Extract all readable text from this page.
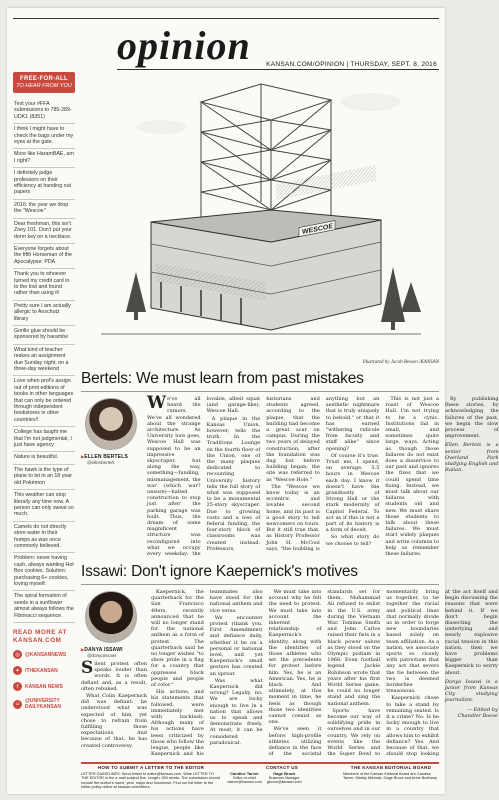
opinion KANSAN.COM/OPINION | THURSDAY, SEPT. 8, 2016
FREE-FOR-ALL
TO HEAR FROM YOU
Text your #FFA submissions to 785-289-UDK1 (8351)
I think I might have to check the bags under my eyes at the gate.
More like HaramBAE, am I right?
I definitely judge professors on their efficiency at handing out papers
2016: the year we drop the "Wescoe"
Dear freshman, this isn't Zoey 101. Don't put your dorm key on a necklace.
Everyone forgets about the fifth Horseman of the Apocalypse: PDA.
Thank you to whoever turned my credit card in to the lost and found rather than using it!
Pretty sure I am actually allergic to Anschutz library
Gorillo glue should be sponsored by harambe
What kind of teacher makes an assignment due Sunday night, on a three-day weekend
Love when prof's assign out of print editions of books in other languages that can only be ordered through independent bookstores in other countries!!
College has taught me that I'm not judgmental, I just have agency
Nature is beautiful.
The hawk is the type of plane to let in an 18 year old Pokémon
This weather can stop literally any time now. A person can only sweat so much.
Camels do not directly store water in their humps as was once commonly believed.
Problem: never having cash, always wanting Hot Box cookies. Solution: purchasing 6+ cookies, loving myself.
The spiral formation of seeds in a sunflower almost always follows the Fibonacci sequence.
READ MORE AT KANSAN.COM
◎	@KANSANNEWS
✦	/THEKANSAN
f	KANSAN NEWS
☺ @UNIVERSITY DAILYKANSAN
WESCOE
Illustrated by Jacob Bessen /KANSAN
Bertels: We must learn from past mistakes
▶ ELLEN BERTELS
@ellenbertels

We've all heard the rumors. We've all wondered about the strange architecture. As University lore goes, Wescoe Hall was supposed to be an impressive skyscraper, but along the way, something—funding, mismanagement, the war (which war? unsure)—halted construction to stop just after the parking garage was built. Thus, the dream of some magnificent structure was reconfigured into what we occupy every weekday: the lovable, albeit squat (and garage-like), Wescoe Hall.

A plaque in the Kansas Union, however, tells the truth. In the Traditions Lounge on the fourth floor of the Union, one of the many plaques dedicated to recounting University history tells the full story of what was supposed to be a monumental 25-story skyscraper. Due to growing costs and a loss of federal funding, the four-story block of classrooms was created instead. Professors, historians and students agreed, according to the plaque, that the building had become a great scar on campus. During the two years of delayed construction, after the foundation was dug but before building began, the site was referred to as "Wescoe Hole."

The "Wescoe we know today is an eccentric and lovable second home, and its past is a good story to tell newcomers on tours. But it still true that, as History Professor John H. McCool says, "the building is anything but an aesthetic nightmare that is truly uniquely to behold," or that it has earned "withering ridicule from faculty and staff alike" since opening?

Of course it's true. Trust me, I spend, on average, 3.5 hours in Wescoe each day. I know it doesn't have the grandiosity of Strong Hall or the stark modernity of Capitol Federal. To act as if this is not a part of its history is a form of deceit.

So what story do we choose to tell?

This is not just a roast of Wescoe Hall. I'm not trying to be a cynic. Institutions fail in small, and sometimes quite large, ways. Acting as though those failures do not exist does a disservice to our past and ignores the fixes that we could spend time fixing. Instead, we must talk about our failures with students old and new. We must share those students to talk about these failures. We must start widely plaques and write columns to help us remember these failures.

By publishing these stories, by acknowledging the failures of the past, we begin the slow process of improvement.

Ellen Bertels is a senior from Overland Park studying English and Italian.

Issawi: Don't ignore Kaepernick's motives
▶ DANYA ISSAWI
@danyaissawi

Silent protest often speaks louder than words. It is often defiant and, as a result, often rebuked.

What Colin Kaepernick did was defiant: he understood what was expected of him, yet chose to refrain from fulfilling those expectations. And because of that, he has created controversy.

Kaepernick, the quarterback for the San Francisco 49ers, recently announced that he will no longer stand for the national anthem as a form of protest. The quarterback said he no longer wishes "to show pride in a flag for a country that oppresses black people and people of color."

His actions, and his statements that followed, were immediately met with backlash. Although many of his actions have been criticized by those who follow the league, people like Kaepernick and his teammates also have stood for the national anthem and vice versa.

We encounter protest (thank you, First Amendment) and defiance daily, whether it be on a personal or national level, and yet Kaepernick's small gesture has created an uproar.

Was what Kaepernick did wrong? Legally, no. We are lucky enough to live in a nation that allows us to speak and demonstrate freely. At most, it can be considered paradoxical.

We must take into account why he felt the need to protest. We must take into account the inherent relationship of Kaepernick's identity, along with the identities of those athletes who set the precedents for protest before him. Yes, he is an American. Yes, he is black. And ultimately, at this moment in time, he feels as though those two identities cannot coexist as one.

We've seen it before: high-profile athletes utilizing defiance in the face of the societal standards set for them. Muhammad Ali refused to enlist in the U.S. army during the Vietnam War. Tommie Smith and John Carlos raised their fists in a black power salute as they stood on the Olympic podium in 1968. Even football legend Jackie Robinson wrote that years after his first World Series game, he could no longer stand and sing the national anthem.

Sports have become our way of solidifying pride in ourselves and in our country. We rely on events like the World Series and the Super Bowl to momentarily bring us together, to tie together the racial and political lines that normally divide us in order to forge new boundaries based solely on team affiliation. As a nation, we associate sports so closely with patriotism that any act that severs the tie between the two is deemed borderline treasonous.

Kaepernick chose to take a stand by remaining seated. Is it a crime? No. Is he lucky enough to live in a country that allows him to exhibit defiance? Yes. And because of that, we should stop looking at the act itself and begin discussing the reasons that were behind it. If we don't begin dissecting the underlying and nearly explosive racial tension in this nation, then we have problems bigger than Kaepernick to worry about.

Danya Issawi is a junior from Kansas City studying journalism.

— Edited by Chandler Boese

HOW TO SUBMIT A LETTER TO THE EDITOR
LETTER GUIDELINES: Send letters to editor@kansan.com. Write LETTER TO THE EDITOR in the e-mail subject line. Length: 300 words. The submission should include the author's name, year, major and hometown. Find our full letter to the editor policy online at kansan.com/letters.
CONTACT US
Candice Tarver
Editor-in-chief
ctarver@kansan.com
Gage Brock
Business Manager
gbrock@kansan.com
THE KANSAN EDITORIAL BOARD
Members of the Kansan Editorial Board are Candice Tarver, Maddy Mikinski, Gage Brock and Anne Bodhany.
